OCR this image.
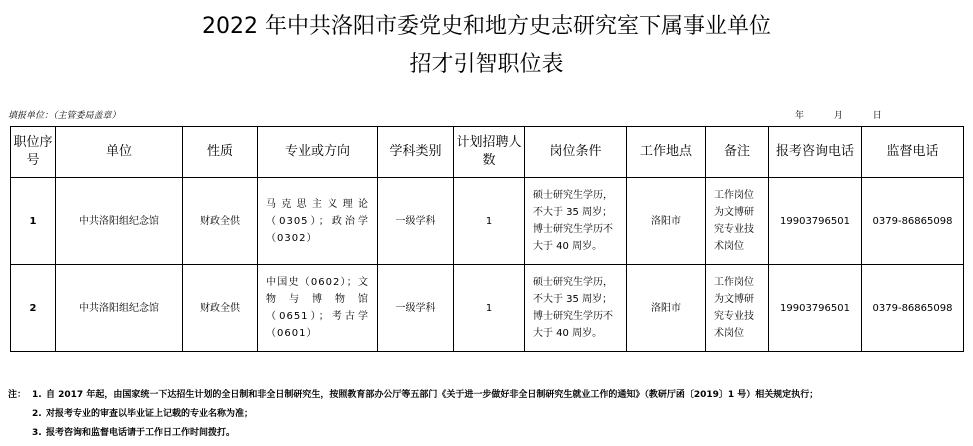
2022 年中共洛阳市委党史和地方史志研究室下属事业单位
招才引智职位表
填报单位：（主管委局盖章）	年	月	日
职位序号	单位	性质	专业或方向	学科类别	计划招聘人数	岗位条件	工作地点	备注	报考咨询电话	监督电话
1	中共洛阳组纪念馆	财政全供	马克思主义理论（0305）；政治学（0302）	一级学科	1	硕士研究生学历，不大于 35 周岁；博士研究生学历不大于 40 周岁。	洛阳市	工作岗位为文博研究专业技术岗位	19903796501	0379-86865098
2	中共洛阳组纪念馆	财政全供	中国史（0602）；文物与博物馆（0651）；考古学（0601）	一级学科	1	硕士研究生学历，不大于 35 周岁；博士研究生学历不大于 40 周岁。	洛阳市	工作岗位为文博研究专业技术岗位	19903796501	0379-86865098
注： 1. 自 2017 年起，由国家统一下达招生计划的全日制和非全日制研究生，按照教育部办公厅等五部门《关于进一步做好非全日制研究生就业工作的通知》（教研厅函〔2019〕1 号）相关规定执行；
2. 对报考专业的审查以毕业证上记载的专业名称为准；
3. 报考咨询和监督电话请于工作日工作时间拨打。
